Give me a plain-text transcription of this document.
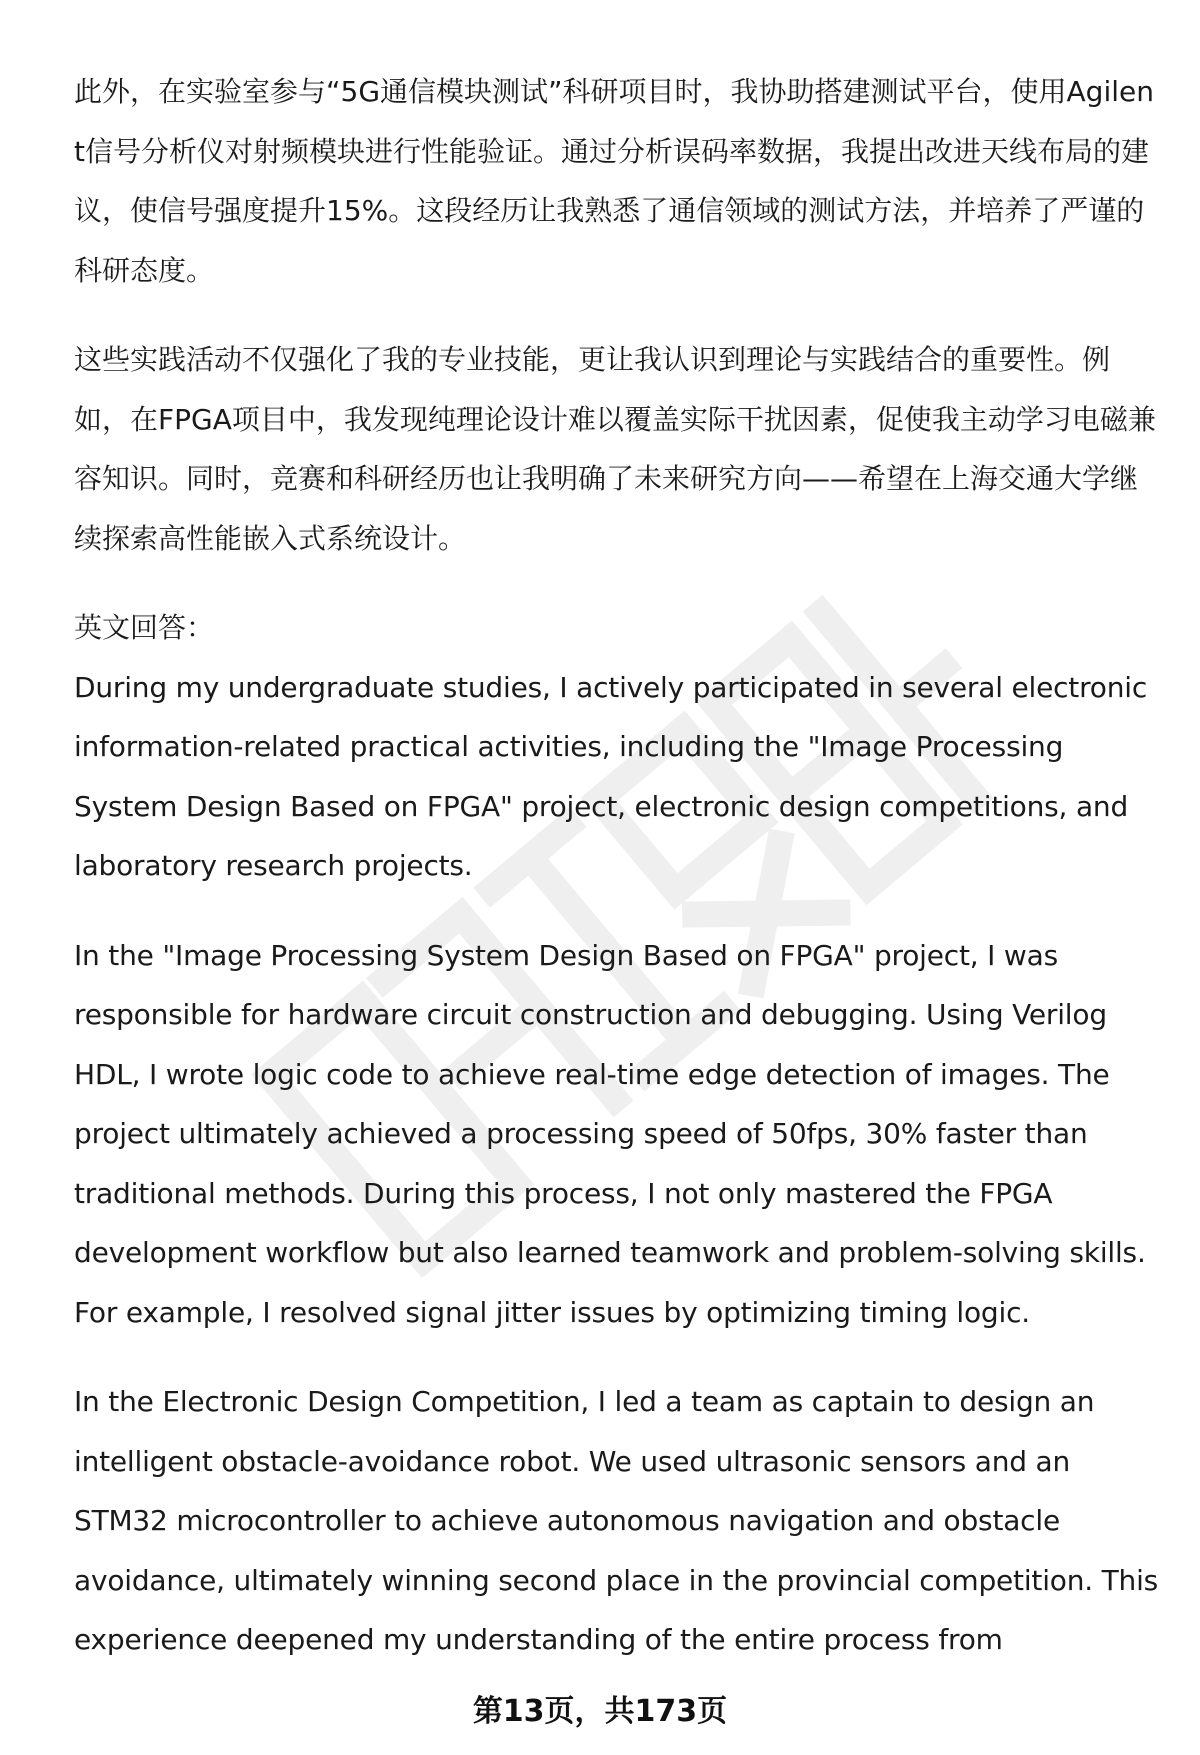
此外，在实验室参与“5G通信模块测试”科研项目时，我协助搭建测试平台，使用Agilent信号分析仪对射频模块进行性能验证。通过分析误码率数据，我提出改进天线布局的建议，使信号强度提升15%。这段经历让我熟悉了通信领域的测试方法，并培养了严谨的科研态度。

这些实践活动不仅强化了我的专业技能，更让我认识到理论与实践结合的重要性。例如，在FPGA项目中，我发现纯理论设计难以覆盖实际干扰因素，促使我主动学习电磁兼容知识。同时，竞赛和科研经历也让我明确了未来研究方向——希望在上海交通大学继续探索高性能嵌入式系统设计。

英文回答：

During my undergraduate studies, I actively participated in several electronic information-related practical activities, including the "Image Processing System Design Based on FPGA" project, electronic design competitions, and laboratory research projects.

In the "Image Processing System Design Based on FPGA" project, I was responsible for hardware circuit construction and debugging. Using Verilog HDL, I wrote logic code to achieve real-time edge detection of images. The project ultimately achieved a processing speed of 50fps, 30% faster than traditional methods. During this process, I not only mastered the FPGA development workflow but also learned teamwork and problem-solving skills. For example, I resolved signal jitter issues by optimizing timing logic.

In the Electronic Design Competition, I led a team as captain to design an intelligent obstacle-avoidance robot. We used ultrasonic sensors and an STM32 microcontroller to achieve autonomous navigation and obstacle avoidance, ultimately winning second place in the provincial competition. This experience deepened my understanding of the entire process from

第13页，共173页
